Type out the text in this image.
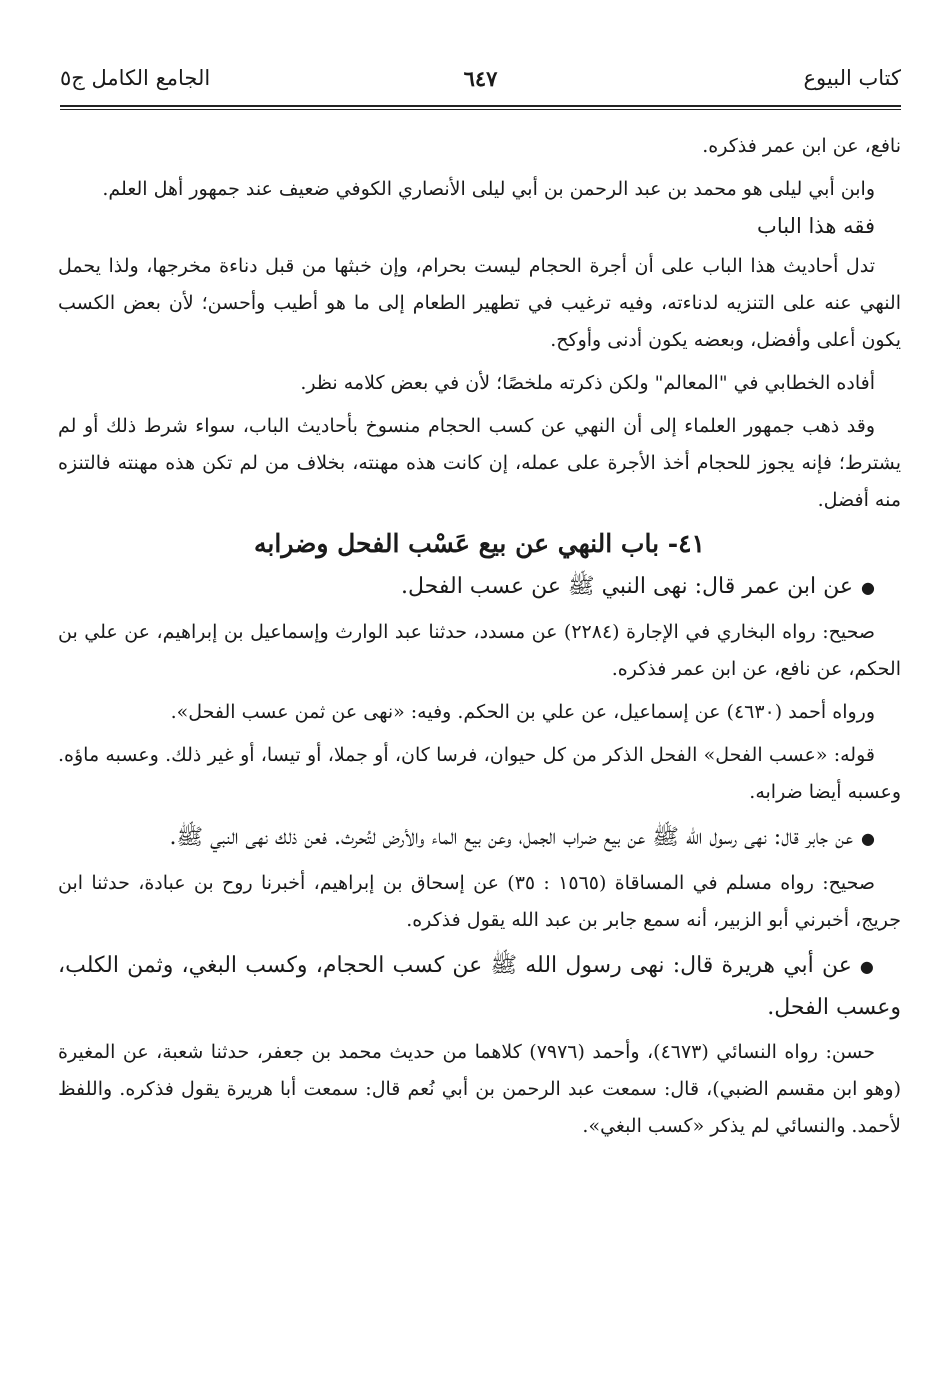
كتاب البيوع
٦٤٧
الجامع الكامل ج٥

نافع، عن ابن عمر فذكره.

وابن أبي ليلى هو محمد بن عبد الرحمن بن أبي ليلى الأنصاري الكوفي ضعيف عند جمهور أهل العلم.

فقه هذا الباب

تدل أحاديث هذا الباب على أن أجرة الحجام ليست بحرام، وإن خبثها من قبل دناءة مخرجها، ولذا يحمل النهي عنه على التنزيه لدناءته، وفيه ترغيب في تطهير الطعام إلى ما هو أطيب وأحسن؛ لأن بعض الكسب يكون أعلى وأفضل، وبعضه يكون أدنى وأوكح.

أفاده الخطابي في "المعالم" ولكن ذكرته ملخصًا؛ لأن في بعض كلامه نظر.

وقد ذهب جمهور العلماء إلى أن النهي عن كسب الحجام منسوخ بأحاديث الباب، سواء شرط ذلك أو لم يشترط؛ فإنه يجوز للحجام أخذ الأجرة على عمله، إن كانت هذه مهنته، بخلاف من لم تكن هذه مهنته فالتنزه منه أفضل.

٤١- باب النهي عن بيع عَسْب الفحل وضرابه

●عن ابن عمر قال: نهى النبي ﷺ عن عسب الفحل.

صحيح: رواه البخاري في الإجارة (٢٢٨٤) عن مسدد، حدثنا عبد الوارث وإسماعيل بن إبراهيم، عن علي بن الحكم، عن نافع، عن ابن عمر فذكره.

ورواه أحمد (٤٦٣٠) عن إسماعيل، عن علي بن الحكم. وفيه: «نهى عن ثمن عسب الفحل».

قوله: «عسب الفحل» الفحل الذكر من كل حيوان، فرسا كان، أو جملا، أو تيسا، أو غير ذلك. وعسبه ماؤه. وعسبه أيضا ضرابه.

●عن جابر قال: نهى رسول الله ﷺ عن بيع ضراب الجمل، وعن بيع الماء والأرض لتُحرث. فعن ذلك نهى النبي ﷺ.

صحيح: رواه مسلم في المساقاة (١٥٦٥ : ٣٥) عن إسحاق بن إبراهيم، أخبرنا روح بن عبادة، حدثنا ابن جريج، أخبرني أبو الزبير، أنه سمع جابر بن عبد الله يقول فذكره.

●عن أبي هريرة قال: نهى رسول الله ﷺ عن كسب الحجام، وكسب البغي، وثمن الكلب، وعسب الفحل.

حسن: رواه النسائي (٤٦٧٣)، وأحمد (٧٩٧٦) كلاهما من حديث محمد بن جعفر، حدثنا شعبة، عن المغيرة (وهو ابن مقسم الضبي)، قال: سمعت عبد الرحمن بن أبي نُعم قال: سمعت أبا هريرة يقول فذكره. واللفظ لأحمد. والنسائي لم يذكر «كسب البغي».
